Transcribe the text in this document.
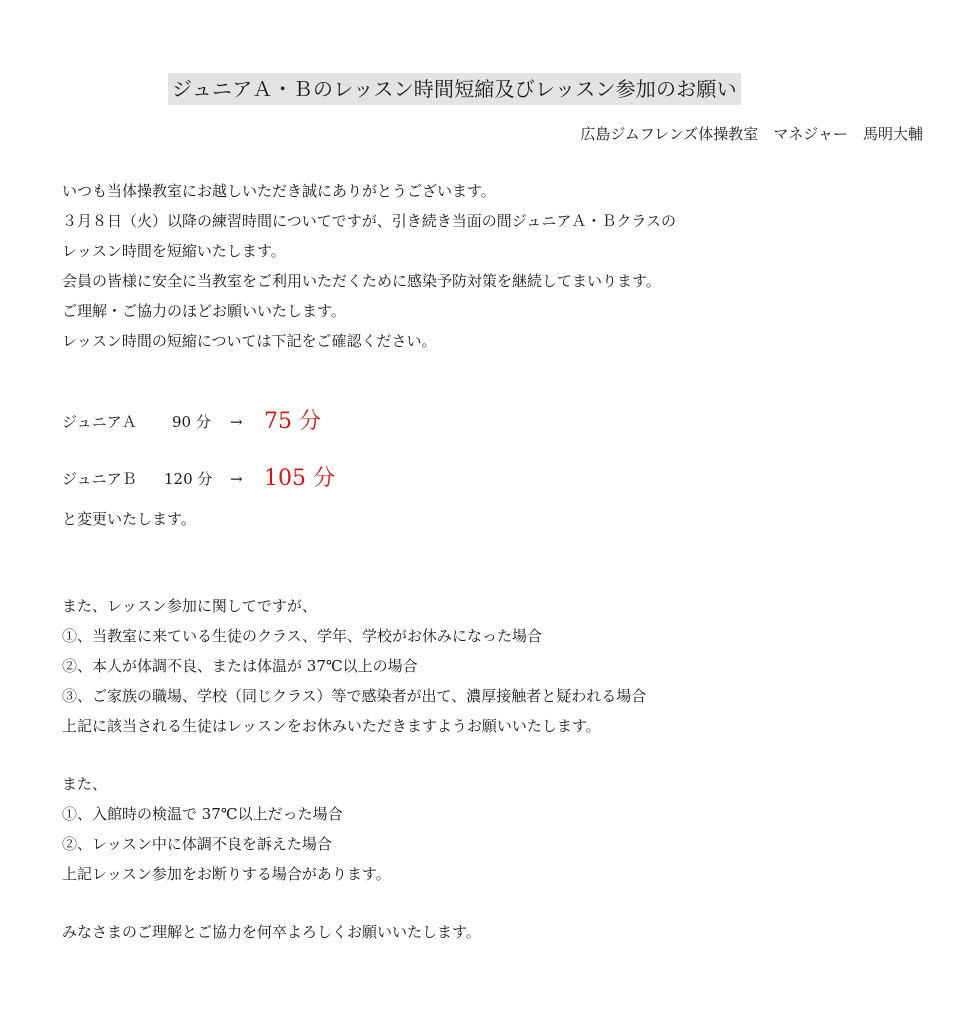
ジュニアＡ・Ｂのレッスン時間短縮及びレッスン参加のお願い
広島ジムフレンズ体操教室　マネジャー　馬明大輔
いつも当体操教室にお越しいただき誠にありがとうございます。
３月８日（火）以降の練習時間についてですが、引き続き当面の間ジュニアＡ・Ｂクラスの
レッスン時間を短縮いたします。
会員の皆様に安全に当教室をご利用いただくために感染予防対策を継続してまいります。
ご理解・ご協力のほどお願いいたします。
レッスン時間の短縮については下記をご確認ください。
ジュニアＡ 90 分 → 75 分
ジュニアＢ 120 分 → 105 分
と変更いたします。
また、レッスン参加に関してですが、
①、当教室に来ている生徒のクラス、学年、学校がお休みになった場合
②、本人が体調不良、または体温が 37℃以上の場合
③、ご家族の職場、学校（同じクラス）等で感染者が出て、濃厚接触者と疑われる場合
上記に該当される生徒はレッスンをお休みいただきますようお願いいたします。
また、
①、入館時の検温で 37℃以上だった場合
②、レッスン中に体調不良を訴えた場合
上記レッスン参加をお断りする場合があります。
みなさまのご理解とご協力を何卒よろしくお願いいたします。
